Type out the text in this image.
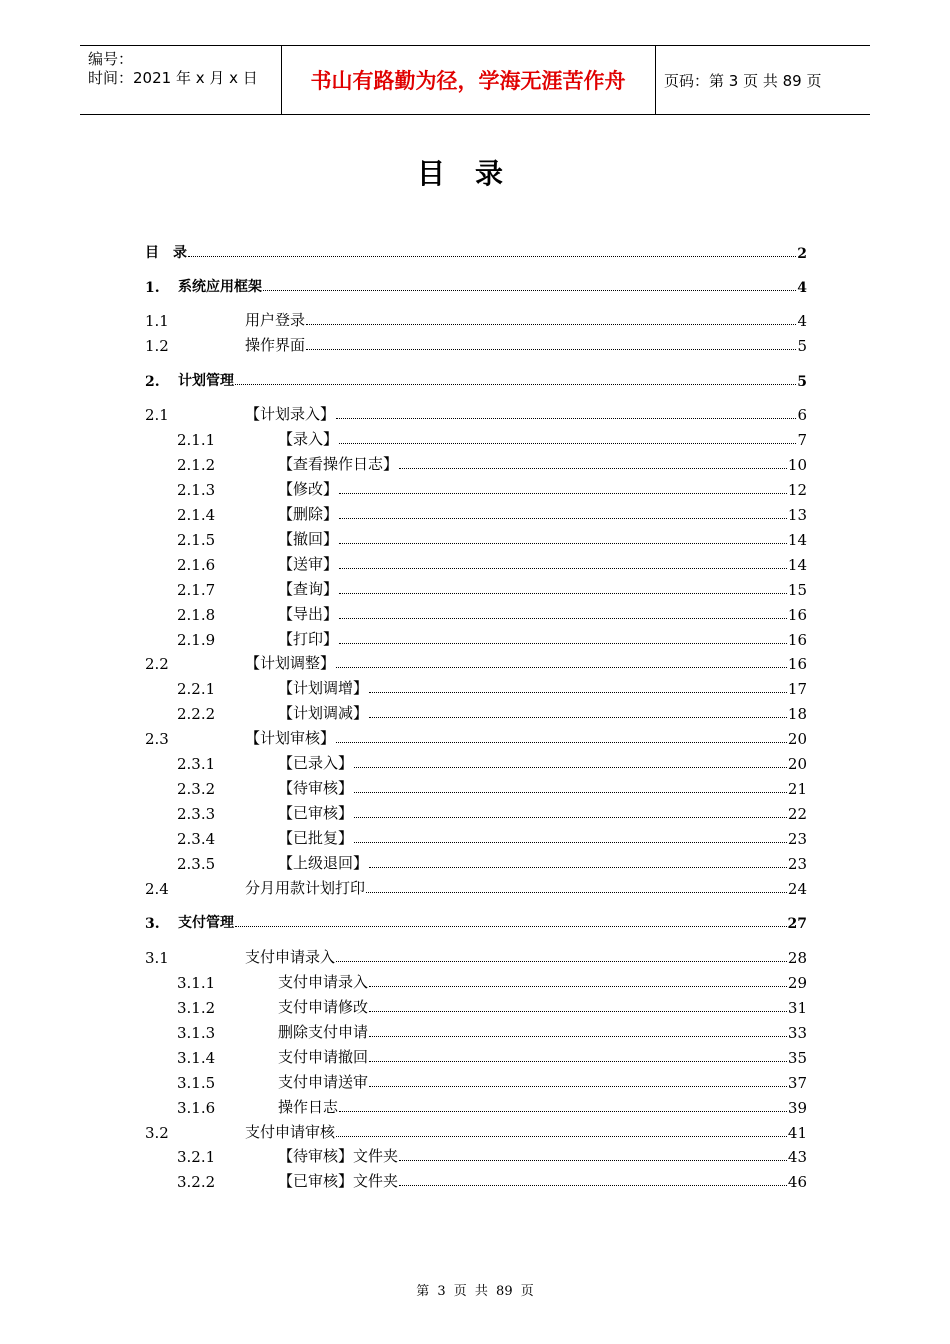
编号：
时间：2021 年 x 月 x 日	书山有路勤为径，学海无涯苦作舟	页码：第 3 页 共 89 页
目录
目　录	2
1.	系统应用框架	4
1.1	用户登录	4
1.2	操作界面	5
2.	计划管理	5
2.1	【计划录入】	6
2.1.1	【录入】	7
2.1.2	【查看操作日志】	10
2.1.3	【修改】	12
2.1.4	【删除】	13
2.1.5	【撤回】	14
2.1.6	【送审】	14
2.1.7	【查询】	15
2.1.8	【导出】	16
2.1.9	【打印】	16
2.2	【计划调整】	16
2.2.1	【计划调增】	17
2.2.2	【计划调减】	18
2.3	【计划审核】	20
2.3.1	【已录入】	20
2.3.2	【待审核】	21
2.3.3	【已审核】	22
2.3.4	【已批复】	23
2.3.5	【上级退回】	23
2.4	分月用款计划打印	24
3.	支付管理	27
3.1	支付申请录入	28
3.1.1	支付申请录入	29
3.1.2	支付申请修改	31
3.1.3	删除支付申请	33
3.1.4	支付申请撤回	35
3.1.5	支付申请送审	37
3.1.6	操作日志	39
3.2	支付申请审核	41
3.2.1	【待审核】文件夹	43
3.2.2	【已审核】文件夹	46
第 3 页 共 89 页
